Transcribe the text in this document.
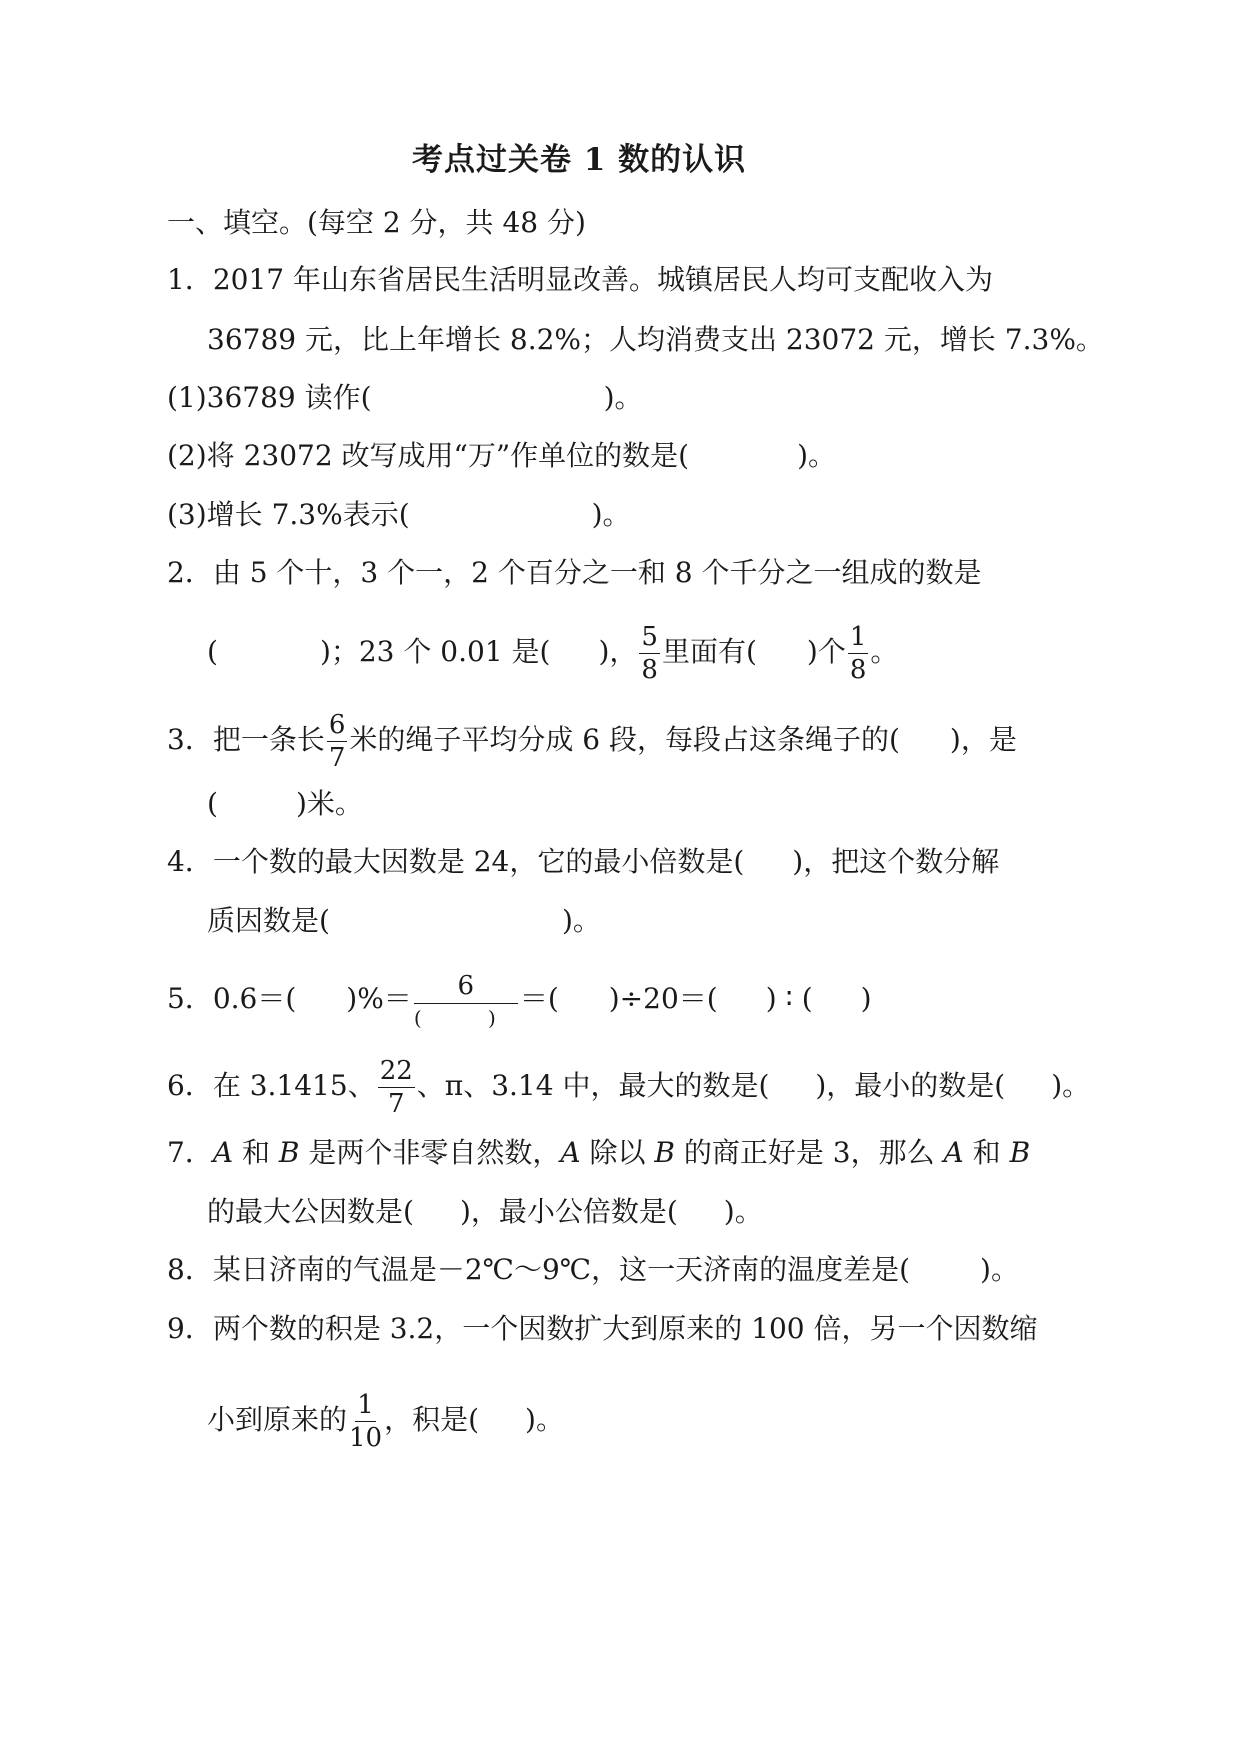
考点过关卷 1 数的认识
一、填空。(每空 2 分，共 48 分)
1．2017 年山东省居民生活明显改善。城镇居民人均可支配收入为
36789 元，比上年增长 8.2%；人均消费支出 23072 元，增长 7.3%。
(1)36789 读作(	)。
(2)将 23072 改写成用“万”作单位的数是(	)。
(3)增长 7.3%表示(	)。
2．由 5 个十，3 个一，2 个百分之一和 8 个千分之一组成的数是
(	)；23 个 0.01 是( )， $\frac{5}{8}$ 里面有( )个 $\frac{1}{8}$ 。
3．把一条长 $\frac{6}{7}$ 米的绳子平均分成 6 段，每段占这条绳子的( )，是
(	)米。
4．一个数的最大因数是 24，它的最小倍数是( )，把这个数分解
质因数是(	)。
5．0.6＝( )%＝ $\frac{6}{( )}$ ＝( )÷20＝( ) ∶ ( )
6．在 3.1415、 $\frac{22}{7}$ 、π、3.14 中，最大的数是( )，最小的数是( )。
7．A 和 B 是两个非零自然数，A 除以 B 的商正好是 3，那么 A 和 B
的最大公因数是( )，最小公倍数是( )。
8．某日济南的气温是－2℃～9℃，这一天济南的温度差是(	)。
9．两个数的积是 3.2，一个因数扩大到原来的 100 倍，另一个因数缩
小到原来的 $\frac{1}{10}$ ，积是( )。
